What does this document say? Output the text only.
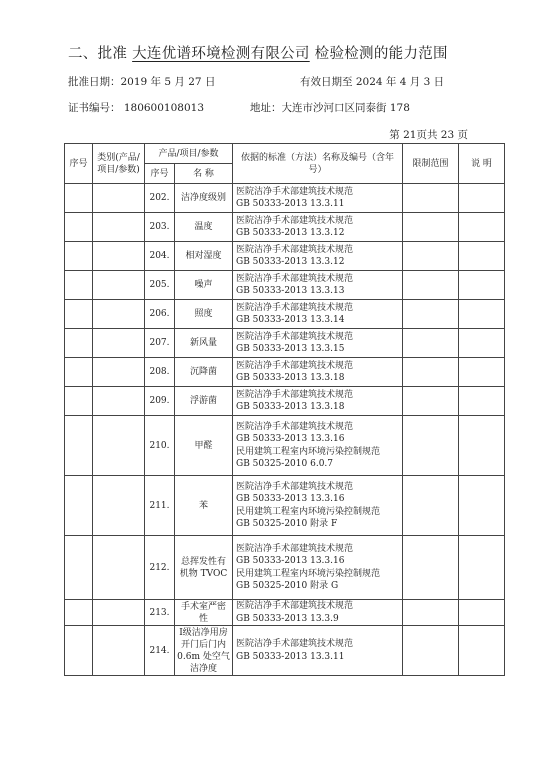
二、批准 大连优谱环境检测有限公司 检验检测的能力范围
批准日期：2019 年 5 月 27 日	有效日期至 2024 年 4 月 3 日
证书编号： 180600108013	地址：大连市沙河口区同泰街 178
第 21页共 23 页
序号	类别(产品/项目/参数)	产品/项目/参数		依据的标准（方法）名称及编号（含年号）	限制范围	说 明
		序号	名 称			
		202.	洁净度级别	医院洁净手术部建筑技术规范
GB 50333-2013 13.3.11		

		203.	温度	医院洁净手术部建筑技术规范
GB 50333-2013 13.3.12		

		204.	相对湿度	医院洁净手术部建筑技术规范
GB 50333-2013 13.3.12		

		205.	噪声	医院洁净手术部建筑技术规范
GB 50333-2013 13.3.13		

		206.	照度	医院洁净手术部建筑技术规范
GB 50333-2013 13.3.14		

		207.	新风量	医院洁净手术部建筑技术规范
GB 50333-2013 13.3.15		

		208.	沉降菌	医院洁净手术部建筑技术规范
GB 50333-2013 13.3.18		

		209.	浮游菌	医院洁净手术部建筑技术规范
GB 50333-2013 13.3.18		

		210.	甲醛	医院洁净手术部建筑技术规范
GB 50333-2013 13.3.16
民用建筑工程室内环境污染控制规范
GB 50325-2010 6.0.7		

		211.	苯	医院洁净手术部建筑技术规范
GB 50333-2013 13.3.16
民用建筑工程室内环境污染控制规范
GB 50325-2010 附录 F		

		212.	总挥发性有机物 TVOC	医院洁净手术部建筑技术规范
GB 50333-2013 13.3.16
民用建筑工程室内环境污染控制规范
GB 50325-2010 附录 G		

		213.	手术室严密性	医院洁净手术部建筑技术规范
GB 50333-2013 13.3.9		

		214.	Ⅰ级洁净用房开门后门内 0.6m 处空气洁净度	医院洁净手术部建筑技术规范
GB 50333-2013 13.3.11		
